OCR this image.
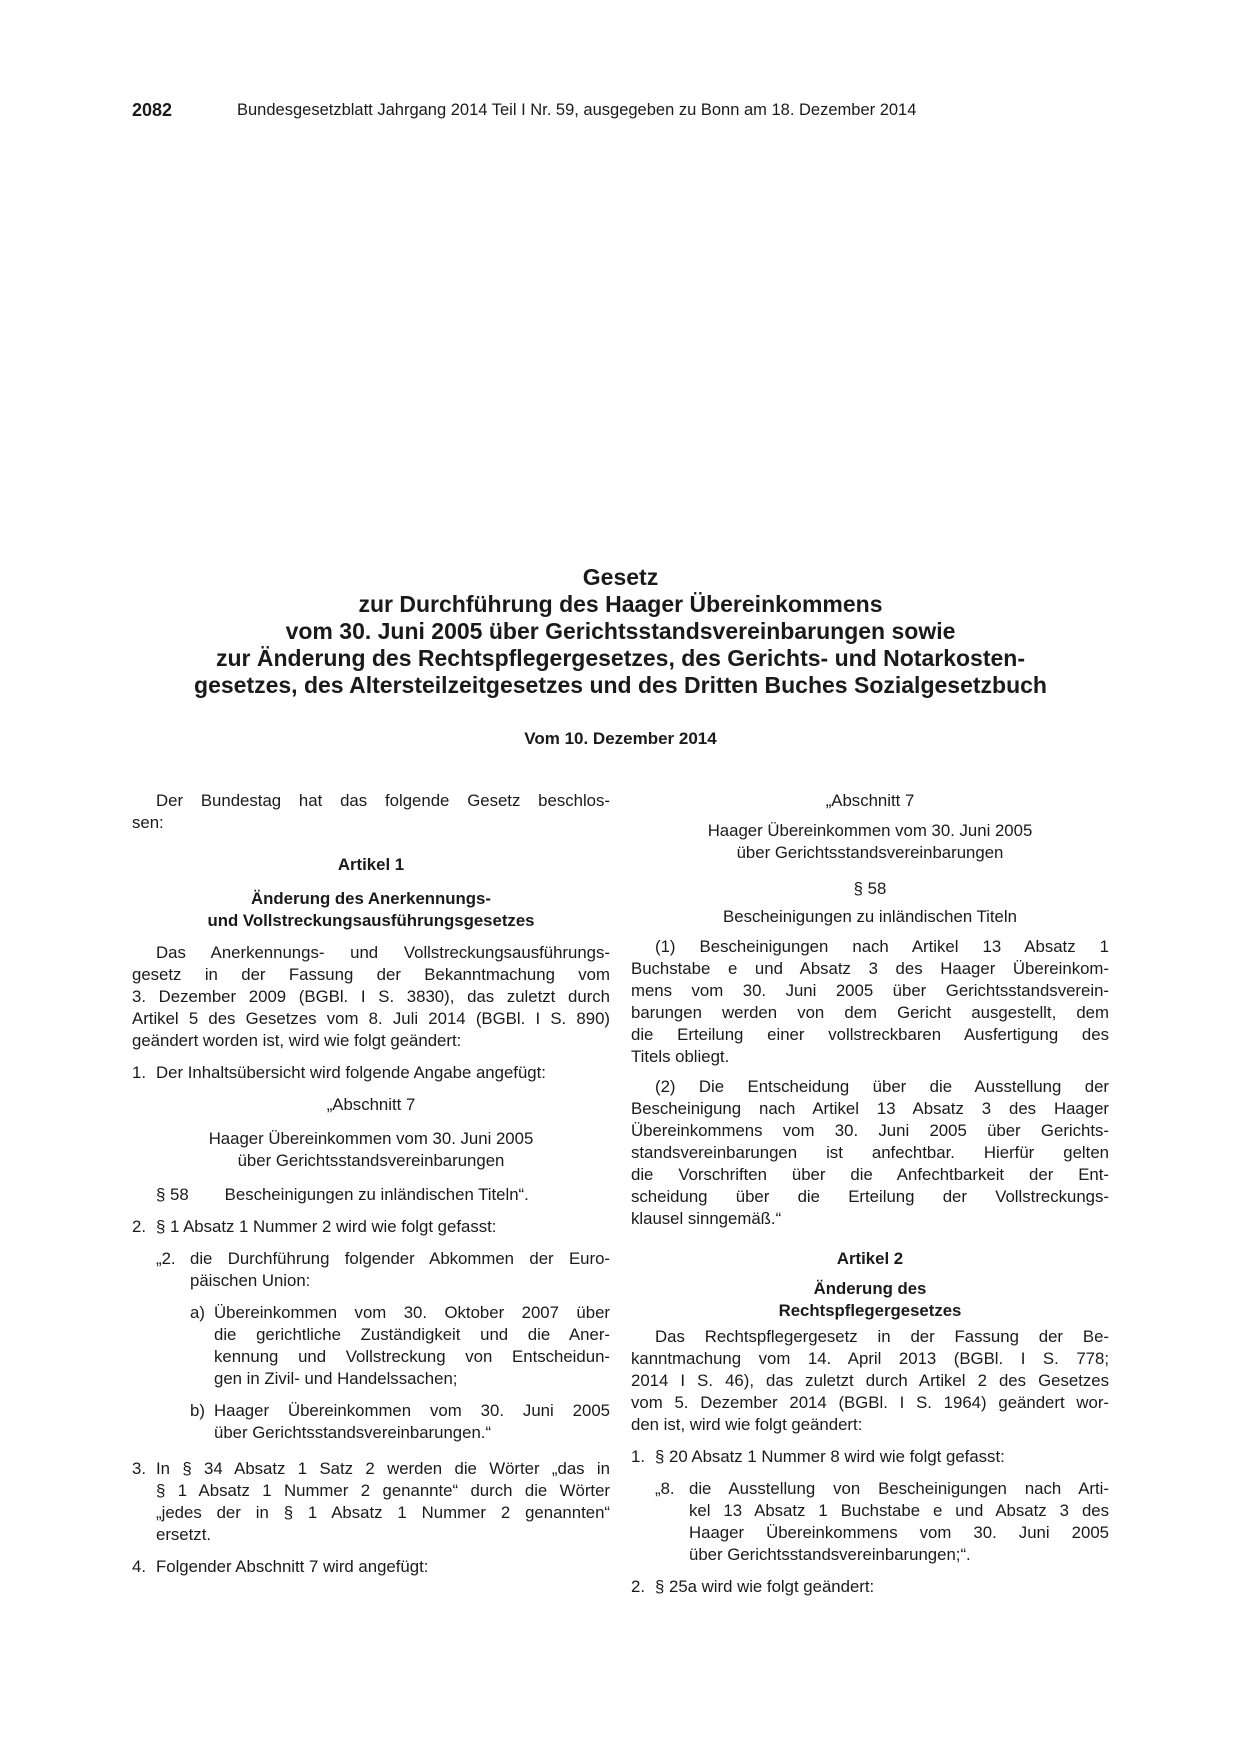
2082	Bundesgesetzblatt Jahrgang 2014 Teil I Nr. 59, ausgegeben zu Bonn am 18. Dezember 2014
Gesetz
zur Durchführung des Haager Übereinkommens
vom 30. Juni 2005 über Gerichtsstandsvereinbarungen sowie
zur Änderung des Rechtspflegergesetzes, des Gerichts- und Notarkosten-
gesetzes, des Altersteilzeitgesetzes und des Dritten Buches Sozialgesetzbuch
Vom 10. Dezember 2014
Der Bundestag hat das folgende Gesetz beschlos-
sen:
Artikel 1
Änderung des Anerkennungs-
und Vollstreckungsausführungsgesetzes
Das Anerkennungs- und Vollstreckungsausführungs-
gesetz in der Fassung der Bekanntmachung vom
3. Dezember 2009 (BGBl. I S. 3830), das zuletzt durch
Artikel 5 des Gesetzes vom 8. Juli 2014 (BGBl. I S. 890)
geändert worden ist, wird wie folgt geändert:
1. Der Inhaltsübersicht wird folgende Angabe angefügt:
„Abschnitt 7
Haager Übereinkommen vom 30. Juni 2005
über Gerichtsstandsvereinbarungen
§ 58 Bescheinigungen zu inländischen Titeln“.
2. § 1 Absatz 1 Nummer 2 wird wie folgt gefasst:
„2. die Durchführung folgender Abkommen der Euro-
päischen Union:
a) Übereinkommen vom 30. Oktober 2007 über
die gerichtliche Zuständigkeit und die Aner-
kennung und Vollstreckung von Entscheidun-
gen in Zivil- und Handelssachen;
b) Haager Übereinkommen vom 30. Juni 2005
über Gerichtsstandsvereinbarungen.“
3. In § 34 Absatz 1 Satz 2 werden die Wörter „das in
§ 1 Absatz 1 Nummer 2 genannte“ durch die Wörter
„jedes der in § 1 Absatz 1 Nummer 2 genannten“
ersetzt.
4. Folgender Abschnitt 7 wird angefügt:
„Abschnitt 7
Haager Übereinkommen vom 30. Juni 2005
über Gerichtsstandsvereinbarungen
§ 58
Bescheinigungen zu inländischen Titeln
(1) Bescheinigungen nach Artikel 13 Absatz 1
Buchstabe e und Absatz 3 des Haager Übereinkom-
mens vom 30. Juni 2005 über Gerichtsstandsverein-
barungen werden von dem Gericht ausgestellt, dem
die Erteilung einer vollstreckbaren Ausfertigung des
Titels obliegt.
(2) Die Entscheidung über die Ausstellung der
Bescheinigung nach Artikel 13 Absatz 3 des Haager
Übereinkommens vom 30. Juni 2005 über Gerichts-
standsvereinbarungen ist anfechtbar. Hierfür gelten
die Vorschriften über die Anfechtbarkeit der Ent-
scheidung über die Erteilung der Vollstreckungs-
klausel sinngemäß.“
Artikel 2
Änderung des
Rechtspflegergesetzes
Das Rechtspflegergesetz in der Fassung der Be-
kanntmachung vom 14. April 2013 (BGBl. I S. 778;
2014 I S. 46), das zuletzt durch Artikel 2 des Gesetzes
vom 5. Dezember 2014 (BGBl. I S. 1964) geändert wor-
den ist, wird wie folgt geändert:
1. § 20 Absatz 1 Nummer 8 wird wie folgt gefasst:
„8. die Ausstellung von Bescheinigungen nach Arti-
kel 13 Absatz 1 Buchstabe e und Absatz 3 des
Haager Übereinkommens vom 30. Juni 2005
über Gerichtsstandsvereinbarungen;“.
2. § 25a wird wie folgt geändert:
